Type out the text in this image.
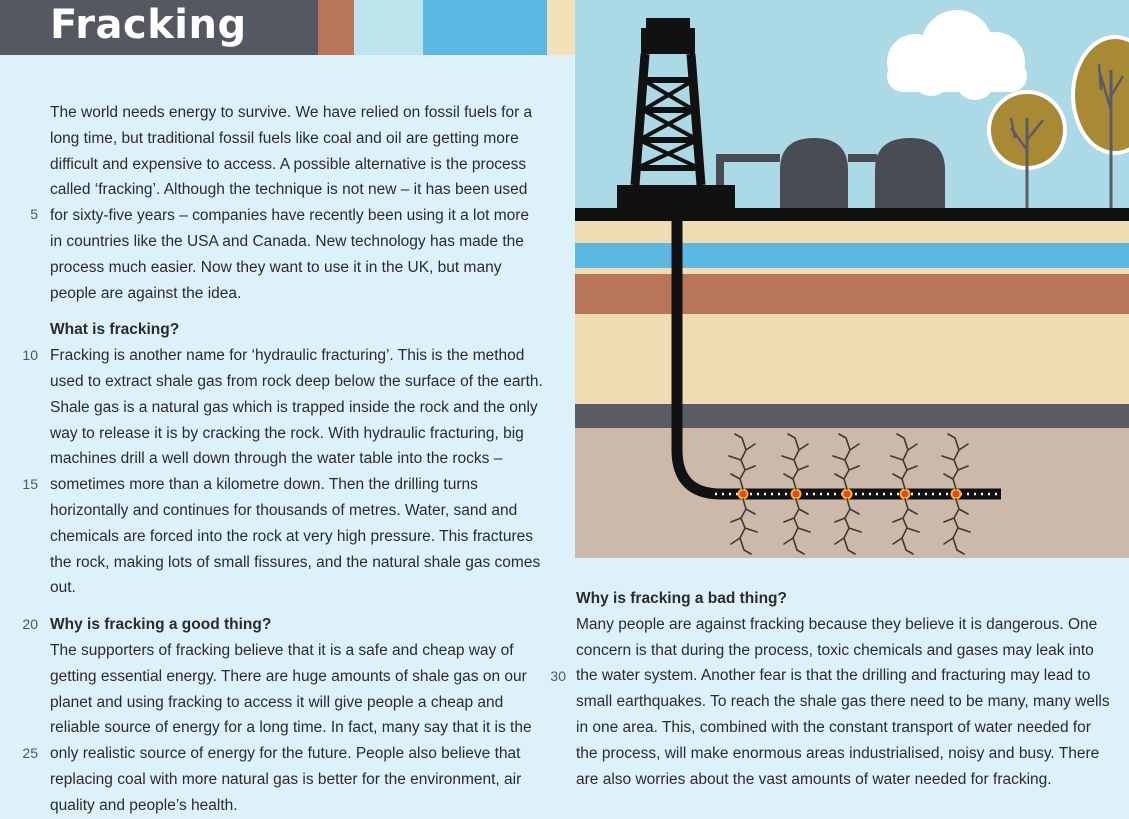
Fracking
5
10
15
20
25
30

The world needs energy to survive. We have relied on fossil fuels for a long time, but traditional fossil fuels like coal and oil are getting more difficult and expensive to access. A possible alternative is the process called ‘fracking’. Although the technique is not new – it has been used for sixty-five years – companies have recently been using it a lot more in countries like the USA and Canada. New technology has made the process much easier. Now they want to use it in the UK, but many people are against the idea.

What is fracking?

Fracking is another name for ‘hydraulic fracturing’. This is the method used to extract shale gas from rock deep below the surface of the earth. Shale gas is a natural gas which is trapped inside the rock and the only way to release it is by cracking the rock. With hydraulic fracturing, big machines drill a well down through the water table into the rocks – sometimes more than a kilometre down. Then the drilling turns horizontally and continues for thousands of metres. Water, sand and chemicals are forced into the rock at very high pressure. This fractures the rock, making lots of small fissures, and the natural shale gas comes out.

Why is fracking a good thing?

The supporters of fracking believe that it is a safe and cheap way of getting essential energy. There are huge amounts of shale gas on our planet and using fracking to access it will give people a cheap and reliable source of energy for a long time. In fact, many say that it is the only realistic source of energy for the future. People also believe that replacing coal with more natural gas is better for the environment, air quality and people’s health.

Why is fracking a bad thing?

Many people are against fracking because they believe it is dangerous. One concern is that during the process, toxic chemicals and gases may leak into the water system. Another fear is that the drilling and fracturing may lead to small earthquakes. To reach the shale gas there need to be many, many wells in one area. This, combined with the constant transport of water needed for the process, will make enormous areas industrialised, noisy and busy. There are also worries about the vast amounts of water needed for fracking.
